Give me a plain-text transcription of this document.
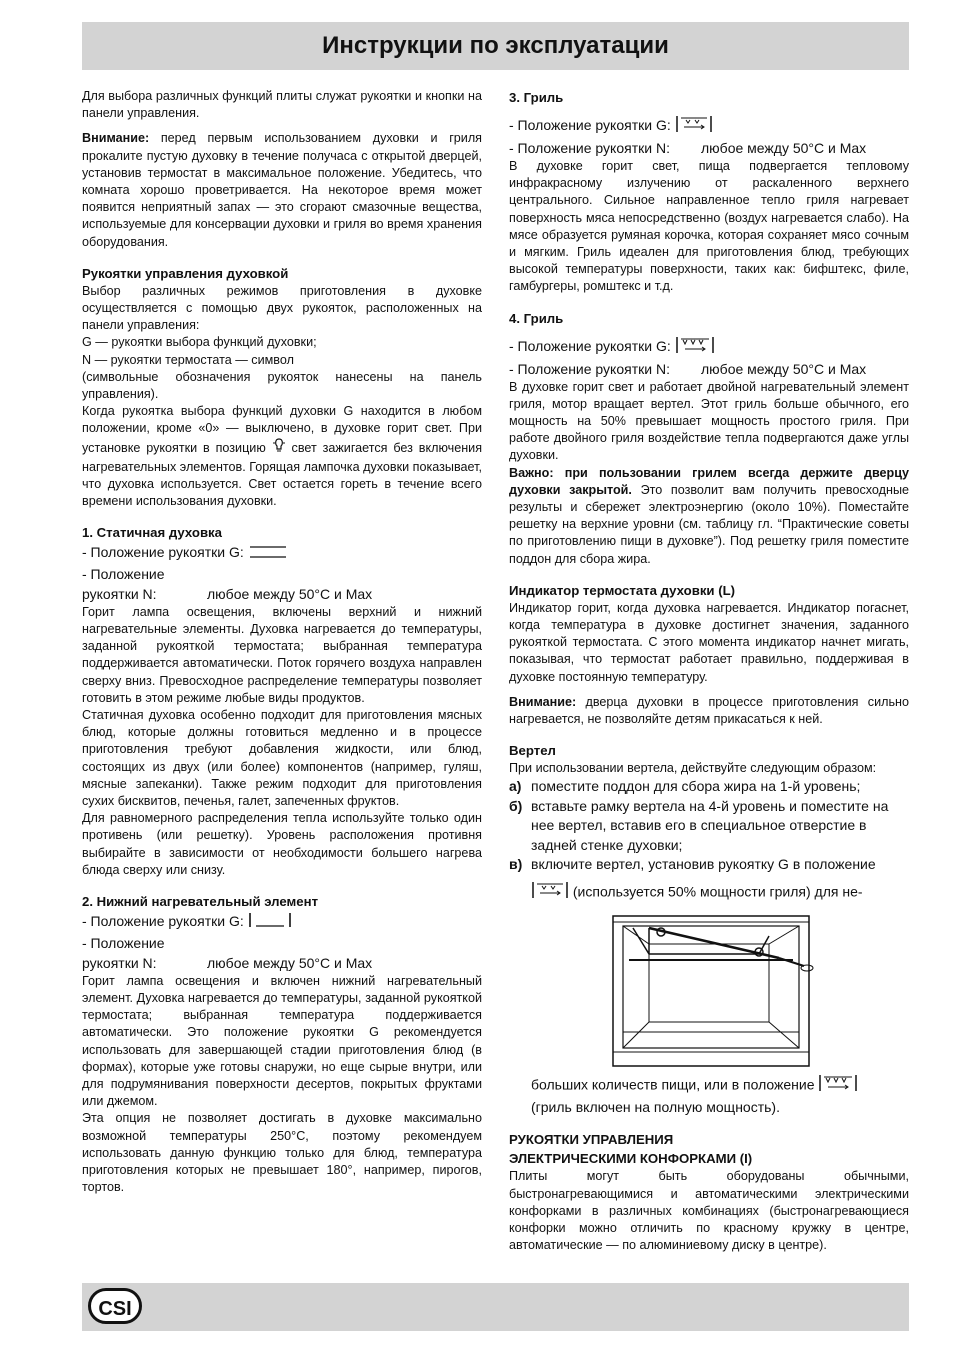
Инструкции по эксплуатации

Для выбора различных функций плиты служат рукоятки и кнопки на панели управления.

Внимание: перед первым использованием духовки и гриля прокалите пустую духовку в течение получаса с открытой дверцей, установив термостат в максимальное положение. Убедитесь, что комната хорошо проветривается. На некоторое время может появится неприятный запах — это сгорают смазочные вещества, используемые для консервации духовки и гриля во время хранения оборудования.

Рукоятки управления духовкой

Выбор различных режимов приготовления в духовке осуществляется с помощью двух рукояток, расположенных на панели управления:

G — рукоятки выбора функций духовки;

N — рукоятки термостата — символ

(символьные обозначения рукояток нанесены на панель управления).

Когда рукоятка выбора функций духовки G находится в любом положении, кроме «0» — выключено, в духовке горит свет. При установке рукоятки в позицию свет зажигается без включения нагревательных элементов. Горящая лампочка духовки показывает, что духовка используется. Свет остается гореть в течение всего времени использования духовки.

1. Статичная духовка
- Положение рукоятки G:
- Положение рукоятки N:	любое между 50°С и Max

Горит лампа освещения, включены верхний и нижний нагревательные элементы. Духовка нагревается до температуры, заданной рукояткой термостата; выбранная температура поддерживается автоматически. Поток горячего воздуха направлен сверху вниз. Превосходное распределение температуры позволяет готовить в этом режиме любые виды продуктов.

Статичная духовка особенно подходит для приготовления мясных блюд, которые должны готовиться медленно и в процессе приготовления требуют добавления жидкости, или блюд, состоящих из двух (или более) компонентов (например, гуляш, мясные запеканки). Также режим подходит для приготовления сухих бисквитов, печенья, галет, запеченных фруктов.

Для равномерного распределения тепла используйте только один противень (или решетку). Уровень расположения противня выбирайте в зависимости от необходимости большего нагрева блюда сверху или снизу.

2. Нижний нагревательный элемент
- Положение рукоятки G:
- Положение рукоятки N:	любое между 50°С и Max

Горит лампа освещения и включен нижний нагревательный элемент. Духовка нагревается до температуры, заданной рукояткой термостата; выбранная температура поддерживается автоматически. Это положение рукоятки G рекомендуется использовать для завершающей стадии приготовления блюд (в формах), которые уже готовы снаружи, но еще сырые внутри, или для подрумянивания поверхности десертов, покрытых фруктами или джемом.

Эта опция не позволяет достигать в духовке максимально возможной температуры 250°С, поэтому рекомендуем использовать данную функцию только для блюд, температура приготовления которых не превышает 180°, например, пирогов, тортов.

3. Гриль
- Положение рукоятки G:
- Положение рукоятки N: любое между 50°С и Max

В духовке горит свет, пища подвергается тепловому инфракрасному излучению от раскаленного верхнего центрального. Сильное направленное тепло гриля нагревает поверхность мяса непосредственно (воздух нагревается слабо). На мясе образуется румяная корочка, которая сохраняет мясо сочным и мягким. Гриль идеален для приготовления блюд, требующих высокой температуры поверхности, таких как: бифштекс, филе, гамбургеры, ромштекс и т.д.

4. Гриль
- Положение рукоятки G:
- Положение рукоятки N: любое между 50°С и Max

В духовке горит свет и работает двойной нагревательный элемент гриля, мотор вращает вертел. Этот гриль больше обычного, его мощность на 50% превышает мощность простого гриля. При работе двойного гриля воздействие тепла подвергаются даже углы духовки.

Важно: при пользовании грилем всегда держите дверцу духовки закрытой. Это позволит вам получить превосходные результы и сбережет электроэнергию (около 10%). Поместайте решетку на верхние уровни (см. таблицу гл. “Практические советы по приготовлению пищи в духовке”). Под решетку гриля поместите поддон для сбора жира.

Индикатор термостата духовки (L)

Индикатор горит, когда духовка нагревается. Индикатор погаснет, когда температура в духовке достигнет значения, заданного рукояткой термостата. С этого момента индикатор начнет мигать, показывая, что термостат работает правильно, поддерживая в духовке постоянную температуру.

Внимание: дверца духовки в процессе приготовления сильно нагревается, не позволяйте детям прикасаться к ней.

Вертел

При использовании вертела, действуйте следующим образом:

а) поместите поддон для сбора жира на 1-й уровень;
б) вставьте рамку вертела на 4-й уровень и поместите на нее вертел, вставив его в специальное отверстие в задней стенке духовки;
в) включите вертел, установив рукоятку G в положение
(используется 50% мощности гриля) для не-
больших количеств пищи, или в положение
(гриль включен на полную мощность).
РУКОЯТКИ УПРАВЛЕНИЯ
ЭЛЕКТРИЧЕСКИМИ КОНФОРКАМИ (I)

Плиты могут быть оборудованы обычными, быстронагревающимися и автоматическими электрическими конфорками в различных комбинациях (быстронагревающиеся конфорки можно отличить по красному кружку в центре, автоматические — по алюминиевому диску в центре).

CSI
